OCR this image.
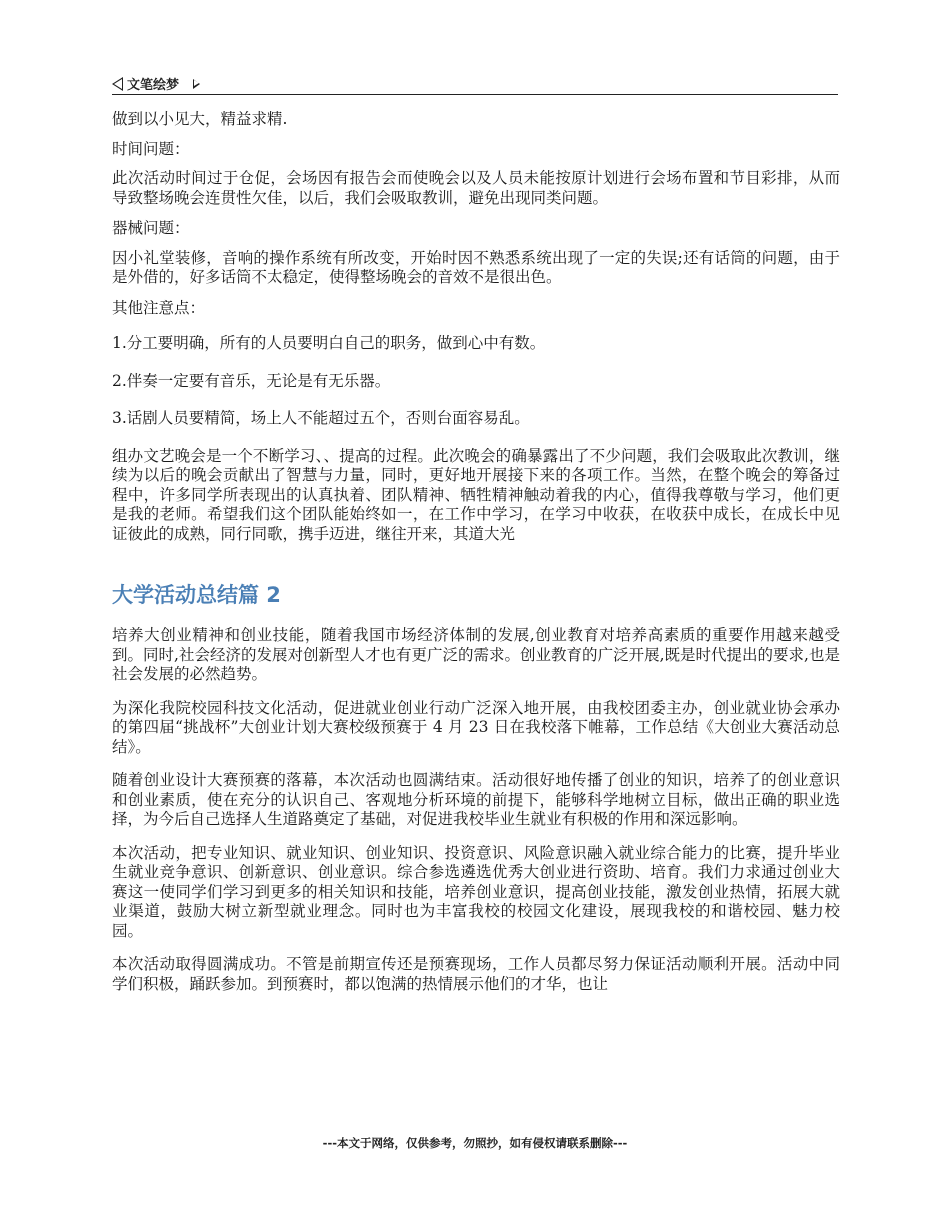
文笔绘梦

做到以小见大，精益求精.

时间问题：

此次活动时间过于仓促，会场因有报告会而使晚会以及人员未能按原计划进行会场布置和节目彩排，从而导致整场晚会连贯性欠佳，以后，我们会吸取教训，避免出现同类问题。

器械问题：

因小礼堂装修，音响的操作系统有所改变，开始时因不熟悉系统出现了一定的失误;还有话筒的问题，由于是外借的，好多话筒不太稳定，使得整场晚会的音效不是很出色。

其他注意点：

1.分工要明确，所有的人员要明白自己的职务，做到心中有数。

2.伴奏一定要有音乐，无论是有无乐器。

3.话剧人员要精简，场上人不能超过五个，否则台面容易乱。

组办文艺晚会是一个不断学习、、提高的过程。此次晚会的确暴露出了不少问题，我们会吸取此次教训，继续为以后的晚会贡献出了智慧与力量，同时，更好地开展接下来的各项工作。当然，在整个晚会的筹备过程中，许多同学所表现出的认真执着、团队精神、牺牲精神触动着我的内心，值得我尊敬与学习，他们更是我的老师。希望我们这个团队能始终如一，在工作中学习，在学习中收获，在收获中成长，在成长中见证彼此的成熟，同行同歌，携手迈进，继往开来，其道大光

大学活动总结篇 2

培养大创业精神和创业技能，随着我国市场经济体制的发展,创业教育对培养高素质的重要作用越来越受到。同时,社会经济的发展对创新型人才也有更广泛的需求。创业教育的广泛开展,既是时代提出的要求,也是社会发展的必然趋势。

为深化我院校园科技文化活动，促进就业创业行动广泛深入地开展，由我校团委主办，创业就业协会承办的第四届“挑战杯”大创业计划大赛校级预赛于 4 月 23 日在我校落下帷幕，工作总结《大创业大赛活动总结》。

随着创业设计大赛预赛的落幕，本次活动也圆满结束。活动很好地传播了创业的知识，培养了的创业意识和创业素质，使在充分的认识自己、客观地分析环境的前提下，能够科学地树立目标，做出正确的职业选择，为今后自己选择人生道路奠定了基础，对促进我校毕业生就业有积极的作用和深远影响。

本次活动，把专业知识、就业知识、创业知识、投资意识、风险意识融入就业综合能力的比赛，提升毕业生就业竞争意识、创新意识、创业意识。综合参选遴选优秀大创业进行资助、培育。我们力求通过创业大赛这一使同学们学习到更多的相关知识和技能，培养创业意识，提高创业技能，激发创业热情，拓展大就业渠道，鼓励大树立新型就业理念。同时也为丰富我校的校园文化建设，展现我校的和谐校园、魅力校园。

本次活动取得圆满成功。不管是前期宣传还是预赛现场，工作人员都尽努力保证活动顺利开展。活动中同学们积极，踊跃参加。到预赛时，都以饱满的热情展示他们的才华，也让

---本文于网络，仅供参考，勿照抄，如有侵权请联系删除---
